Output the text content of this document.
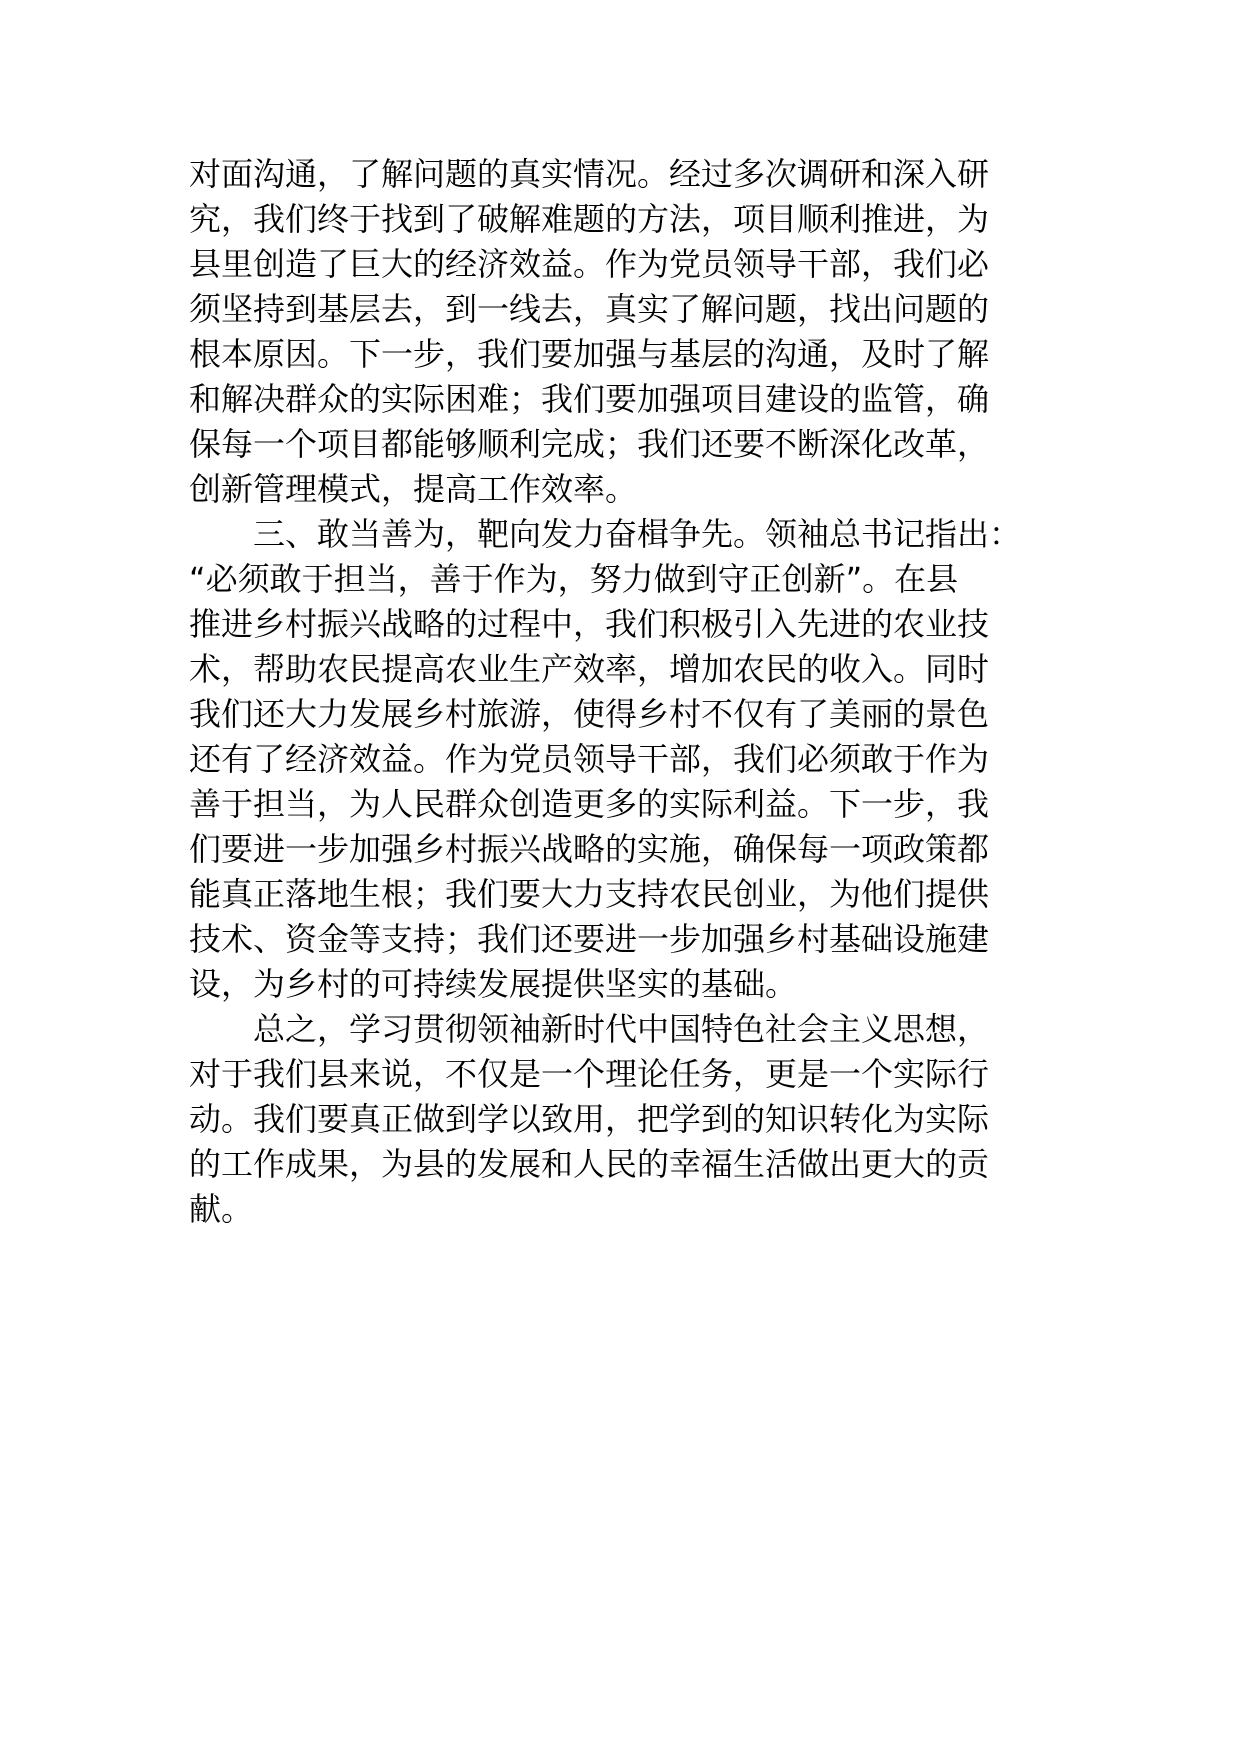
对面沟通，了解问题的真实情况。经过多次调研和深入研
究，我们终于找到了破解难题的方法，项目顺利推进，为
县里创造了巨大的经济效益。作为党员领导干部，我们必
须坚持到基层去，到一线去，真实了解问题，找出问题的
根本原因。下一步，我们要加强与基层的沟通，及时了解
和解决群众的实际困难；我们要加强项目建设的监管，确
保每一个项目都能够顺利完成；我们还要不断深化改革，
创新管理模式，提高工作效率。
三、敢当善为，靶向发力奋楫争先。领袖总书记指出：
“必须敢于担当，善于作为，努力做到守正创新”。在县
推进乡村振兴战略的过程中，我们积极引入先进的农业技
术，帮助农民提高农业生产效率，增加农民的收入。同时
我们还大力发展乡村旅游，使得乡村不仅有了美丽的景色
还有了经济效益。作为党员领导干部，我们必须敢于作为
善于担当，为人民群众创造更多的实际利益。下一步，我
们要进一步加强乡村振兴战略的实施，确保每一项政策都
能真正落地生根；我们要大力支持农民创业，为他们提供
技术、资金等支持；我们还要进一步加强乡村基础设施建
设，为乡村的可持续发展提供坚实的基础。
总之，学习贯彻领袖新时代中国特色社会主义思想，
对于我们县来说，不仅是一个理论任务，更是一个实际行
动。我们要真正做到学以致用，把学到的知识转化为实际
的工作成果，为县的发展和人民的幸福生活做出更大的贡
献。
